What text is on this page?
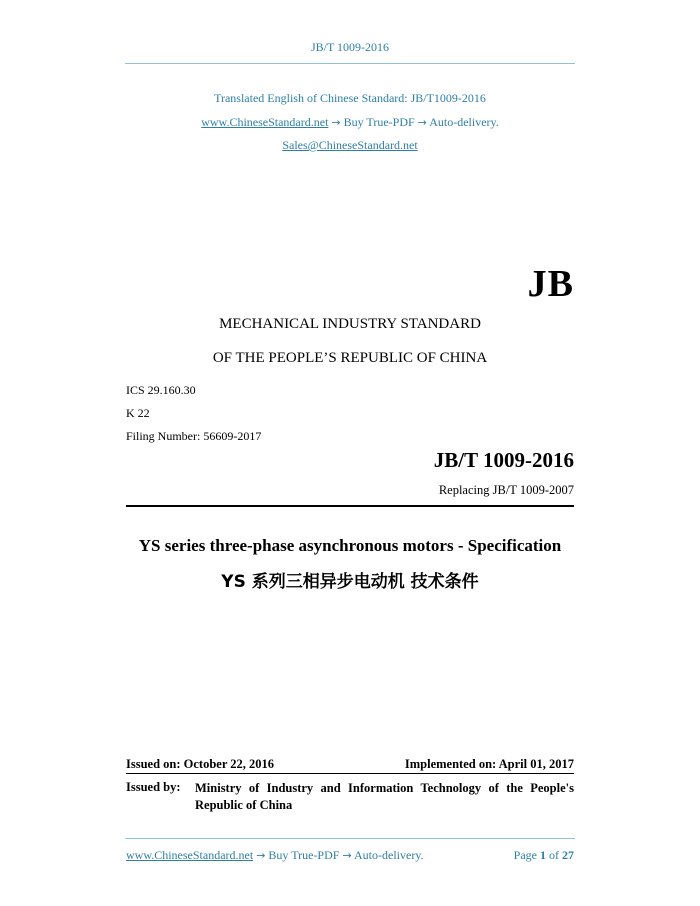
JB/T 1009-2016
Translated English of Chinese Standard: JB/T1009-2016
www.ChineseStandard.net → Buy True-PDF → Auto-delivery.
Sales@ChineseStandard.net
JB
MECHANICAL INDUSTRY STANDARD
OF THE PEOPLE’S REPUBLIC OF CHINA
ICS 29.160.30
K 22
Filing Number: 56609-2017
JB/T 1009-2016
Replacing JB/T 1009-2007
YS series three-phase asynchronous motors - Specification
YS 系列三相异步电动机 技术条件
Issued on: October 22, 2016	Implemented on: April 01, 2017
Issued by: Ministry of Industry and Information Technology of the People's Republic of China
www.ChineseStandard.net → Buy True-PDF → Auto-delivery.	Page 1 of 27
